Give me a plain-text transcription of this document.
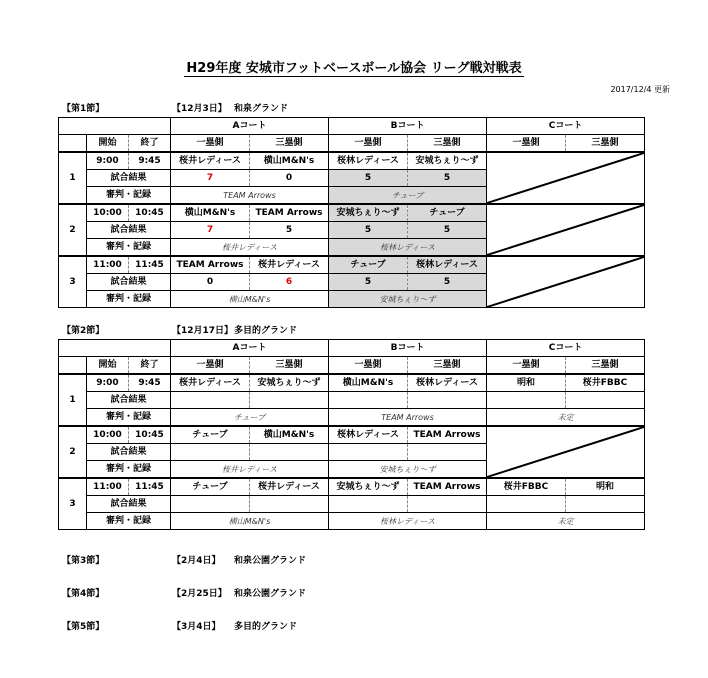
H29年度 安城市フットベースボール協会 リーグ戦対戦表
2017/12/4 更新
【第1節】	【12月3日】 和泉グランド
			Aコート		Bコート		Cコート	
	開始	終了	一塁側	三塁側	一塁側	三塁側	一塁側	三塁側
1	9:00	9:45	桜井レディース	横山M&N's	桜林レディース	安城ちぇり～ず	

	試合結果		7	0	5	5		
	審判・記録		TEAM Arrows		チューブ			
2	10:00	10:45	横山M&N's	TEAM Arrows	安城ちぇり～ず	チューブ	

	試合結果		7	5	5	5		
	審判・記録		桜井レディース		桜林レディース			
3	11:00	11:45	TEAM Arrows	桜井レディース	チューブ	桜林レディース	

	試合結果		0	6	5	5		
	審判・記録		横山M&N's		安城ちぇり～ず			
【第2節】	【12月17日】 多目的グランド
			Aコート		Bコート		Cコート	
	開始	終了	一塁側	三塁側	一塁側	三塁側	一塁側	三塁側
1	9:00	9:45	桜井レディース	安城ちぇり～ず	横山M&N's	桜林レディース	明和	桜井FBBC
	試合結果							
	審判・記録		チューブ		TEAM Arrows		未定	
2	10:00	10:45	チューブ	横山M&N's	桜林レディース	TEAM Arrows	

	試合結果							
	審判・記録		桜井レディース		安城ちぇり～ず			
3	11:00	11:45	チューブ	桜井レディース	安城ちぇり～ず	TEAM Arrows	桜井FBBC	明和
	試合結果							
	審判・記録		横山M&N's		桜林レディース		未定	
【第3節】	【2月4日】 和泉公園グランド
【第4節】	【2月25日】 和泉公園グランド
【第5節】	【3月4日】 多目的グランド
